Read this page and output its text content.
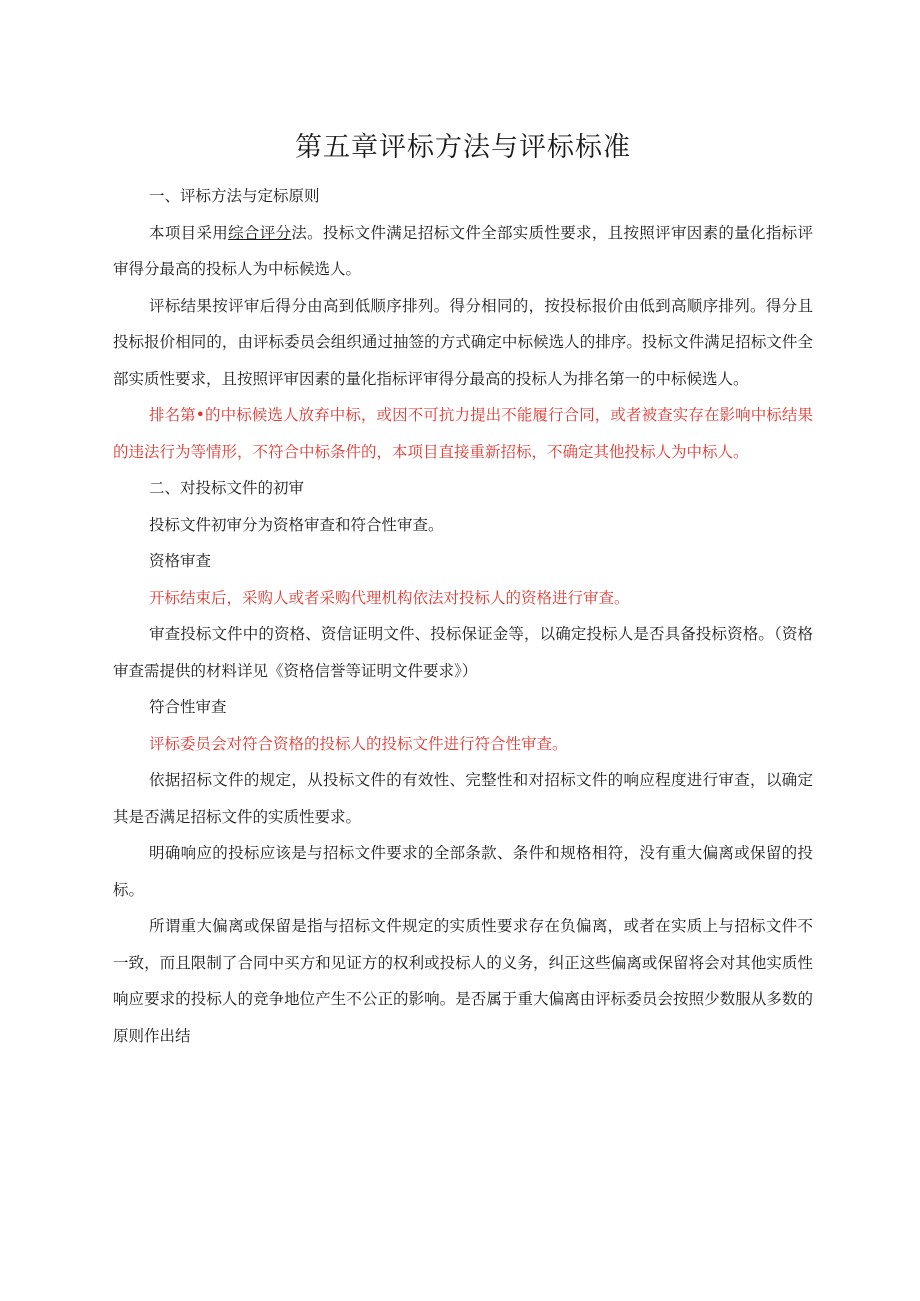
第五章评标方法与评标标准

一、评标方法与定标原则

本项目采用综合评分法。投标文件满足招标文件全部实质性要求，且按照评审因素的量化指标评审得分最高的投标人为中标候选人。

评标结果按评审后得分由高到低顺序排列。得分相同的，按投标报价由低到高顺序排列。得分且投标报价相同的，由评标委员会组织通过抽签的方式确定中标候选人的排序。投标文件满足招标文件全部实质性要求，且按照评审因素的量化指标评审得分最高的投标人为排名第一的中标候选人。

排名第•的中标候选人放弃中标，或因不可抗力提出不能履行合同，或者被查实存在影响中标结果的违法行为等情形，不符合中标条件的，本项目直接重新招标，不确定其他投标人为中标人。

二、对投标文件的初审

投标文件初审分为资格审查和符合性审查。

资格审查

开标结束后，采购人或者采购代理机构依法对投标人的资格进行审查。

审查投标文件中的资格、资信证明文件、投标保证金等，以确定投标人是否具备投标资格。（资格审查需提供的材料详见《资格信誉等证明文件要求》）

符合性审查

评标委员会对符合资格的投标人的投标文件进行符合性审查。

依据招标文件的规定，从投标文件的有效性、完整性和对招标文件的响应程度进行审查，以确定其是否满足招标文件的实质性要求。

明确响应的投标应该是与招标文件要求的全部条款、条件和规格相符，没有重大偏离或保留的投标。

所谓重大偏离或保留是指与招标文件规定的实质性要求存在负偏离，或者在实质上与招标文件不一致，而且限制了合同中买方和见证方的权利或投标人的义务，纠正这些偏离或保留将会对其他实质性响应要求的投标人的竞争地位产生不公正的影响。是否属于重大偏离由评标委员会按照少数服从多数的原则作出结
